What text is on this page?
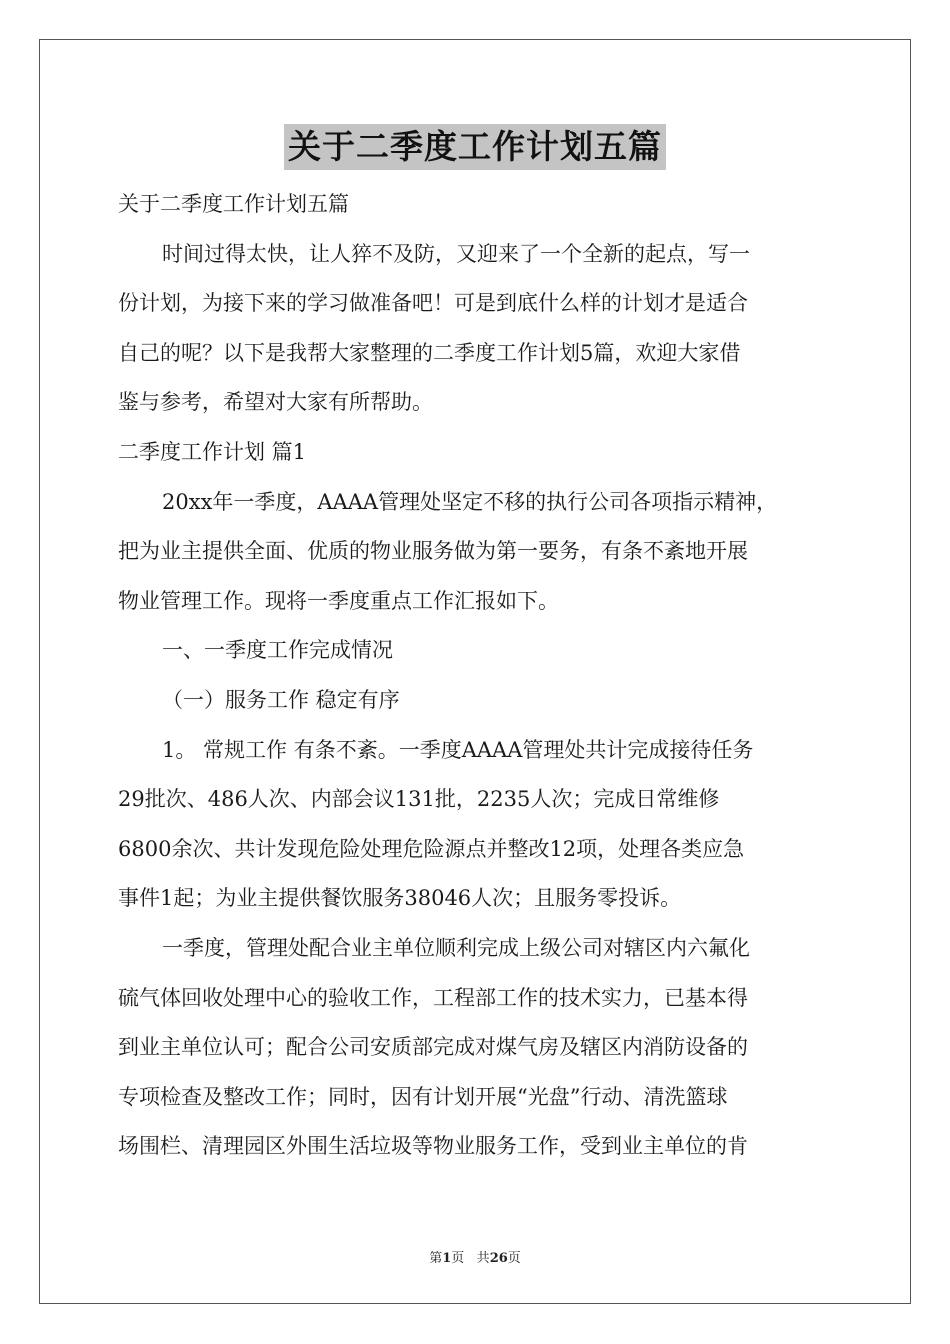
关于二季度工作计划五篇
关于二季度工作计划五篇
时间过得太快，让人猝不及防，又迎来了一个全新的起点，写一
份计划，为接下来的学习做准备吧！可是到底什么样的计划才是适合
自己的呢？以下是我帮大家整理的二季度工作计划5篇，欢迎大家借
鉴与参考，希望对大家有所帮助。
二季度工作计划 篇1
20xx年一季度，AAAA管理处坚定不移的执行公司各项指示精神，
把为业主提供全面、优质的物业服务做为第一要务，有条不紊地开展
物业管理工作。现将一季度重点工作汇报如下。
一、一季度工作完成情况
（一）服务工作 稳定有序
1。 常规工作 有条不紊。一季度AAAA管理处共计完成接待任务
29批次、486人次、内部会议131批，2235人次；完成日常维修
6800余次、共计发现危险处理危险源点并整改12项，处理各类应急
事件1起；为业主提供餐饮服务38046人次；且服务零投诉。
一季度，管理处配合业主单位顺利完成上级公司对辖区内六氟化
硫气体回收处理中心的验收工作，工程部工作的技术实力，已基本得
到业主单位认可；配合公司安质部完成对煤气房及辖区内消防设备的
专项检查及整改工作；同时，因有计划开展“光盘”行动、清洗篮球
场围栏、清理园区外围生活垃圾等物业服务工作，受到业主单位的肯
第1页 共26页
